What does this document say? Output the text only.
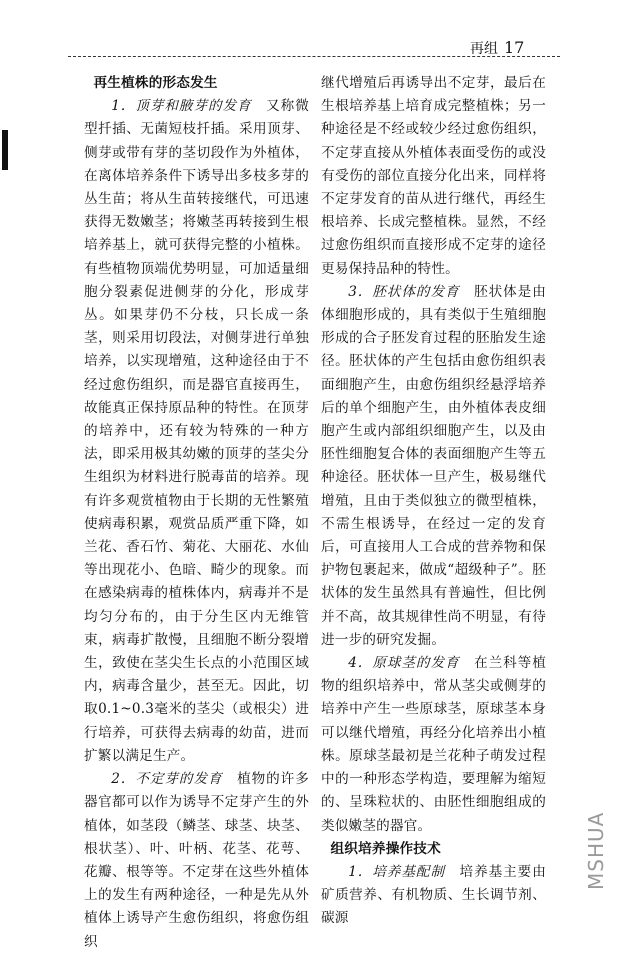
再组 17

再生植株的形态发生

1．顶芽和腋芽的发育　 又称微型扦插、无菌短枝扦插。采用顶芽、侧芽或带有芽的茎切段作为外植体，在离体培养条件下诱导出多枝多芽的丛生苗；将从生苗转接继代，可迅速获得无数嫩茎；将嫩茎再转接到生根培养基上，就可获得完整的小植株。有些植物顶端优势明显，可加适量细胞分裂素促进侧芽的分化，形成芽丛。如果芽仍不分枝，只长成一条茎，则采用切段法，对侧芽进行单独培养，以实现增殖，这种途径由于不经过愈伤组织，而是器官直接再生，故能真正保持原品种的特性。在顶芽的培养中，还有较为特殊的一种方法，即采用极其幼嫩的顶芽的茎尖分生组织为材料进行脱毒苗的培养。现有许多观赏植物由于长期的无性繁殖使病毒积累，观赏品质严重下降，如兰花、香石竹、菊花、大丽花、水仙等出现花小、色暗、畸少的现象。而在感染病毒的植株体内，病毒并不是均匀分布的，由于分生区内无维管束，病毒扩散慢，且细胞不断分裂增生，致使在茎尖生长点的小范围区域内，病毒含量少，甚至无。因此，切取0.1~0.3毫米的茎尖（或根尖）进行培养，可获得去病毒的幼苗，进而扩繁以满足生产。

2．不定芽的发育　 植物的许多器官都可以作为诱导不定芽产生的外植体，如茎段（鳞茎、球茎、块茎、根状茎）、叶、叶柄、花茎、花萼、花瓣、根等等。不定芽在这些外植体上的发生有两种途径，一种是先从外植体上诱导产生愈伤组织，将愈伤组织

继代增殖后再诱导出不定芽，最后在生根培养基上培育成完整植株；另一种途径是不经或较少经过愈伤组织，不定芽直接从外植体表面受伤的或没有受伤的部位直接分化出来，同样将不定芽发育的苗从进行继代，再经生根培养、长成完整植株。显然，不经过愈伤组织而直接形成不定芽的途径更易保持品种的特性。

3．胚状体的发育　 胚状体是由体细胞形成的，具有类似于生殖细胞形成的合子胚发育过程的胚胎发生途径。胚状体的产生包括由愈伤组织表面细胞产生，由愈伤组织经悬浮培养后的单个细胞产生，由外植体表皮细胞产生或内部组织细胞产生，以及由胚性细胞复合体的表面细胞产生等五种途径。胚状体一旦产生，极易继代增殖，且由于类似独立的微型植株，不需生根诱导，在经过一定的发育后，可直接用人工合成的营养物和保护物包裹起来，做成“超级种子”。胚状体的发生虽然具有普遍性，但比例并不高，故其规律性尚不明显，有待进一步的研究发掘。

4．原球茎的发育　 在兰科等植物的组织培养中，常从茎尖或侧芽的培养中产生一些原球茎，原球茎本身可以继代增殖，再经分化培养出小植株。原球茎最初是兰花种子萌发过程中的一种形态学构造，要理解为缩短的、呈珠粒状的、由胚性细胞组成的类似嫩茎的器官。

组织培养操作技术

1．培养基配制　 培养基主要由矿质营养、有机物质、生长调节剂、碳源

MSHUA
